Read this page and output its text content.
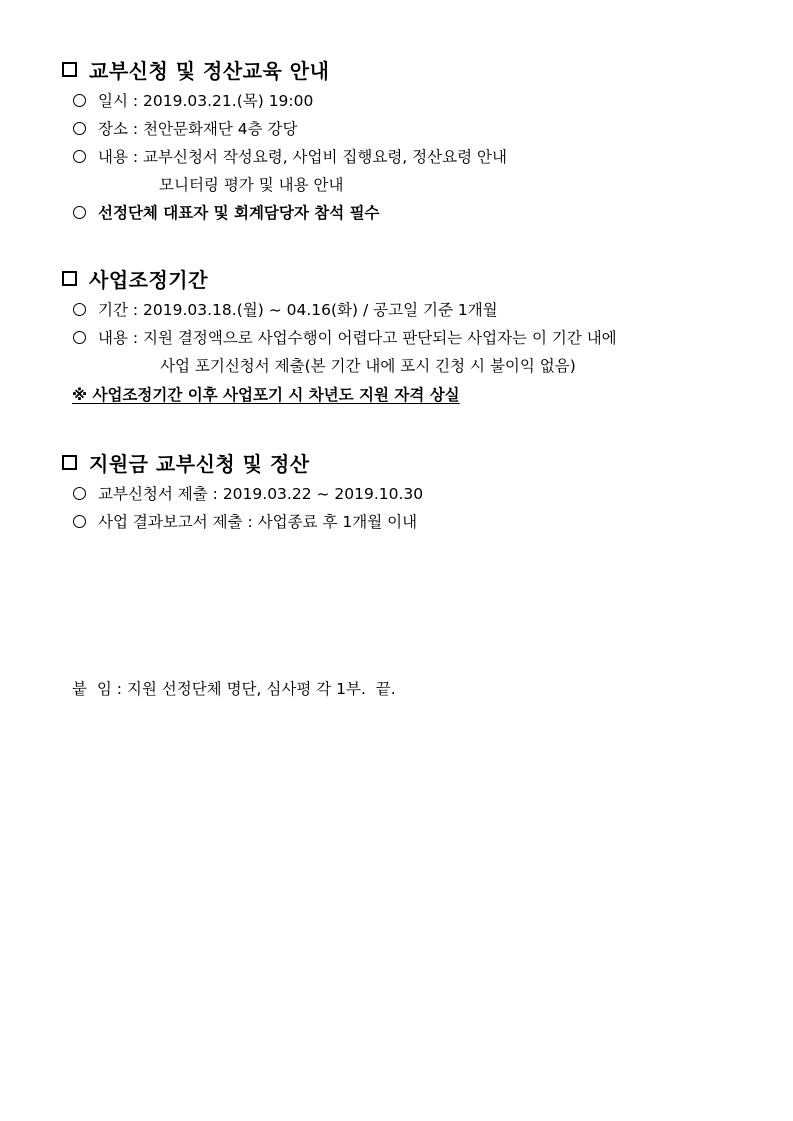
교부신청 및 정산교육 안내
일시 : 2019.03.21.(목) 19:00
장소 : 천안문화재단 4층 강당
내용 : 교부신청서 작성요령, 사업비 집행요령, 정산요령 안내
모니터링 평가 및 내용 안내
선정단체 대표자 및 회계담당자 참석 필수
사업조정기간
기간 : 2019.03.18.(월) ~ 04.16(화) / 공고일 기준 1개월
내용 : 지원 결정액으로 사업수행이 어렵다고 판단되는 사업자는 이 기간 내에
사업 포기신청서 제출(본 기간 내에 포시 긴청 시 불이익 없음)
※ 사업조정기간 이후 사업포기 시 차년도 지원 자격 상실
지원금 교부신청 및 정산
교부신청서 제출 : 2019.03.22 ~ 2019.10.30
사업 결과보고서 제출 : 사업종료 후 1개월 이내
붙  임 : 지원 선정단체 명단, 심사평 각 1부.  끝.
